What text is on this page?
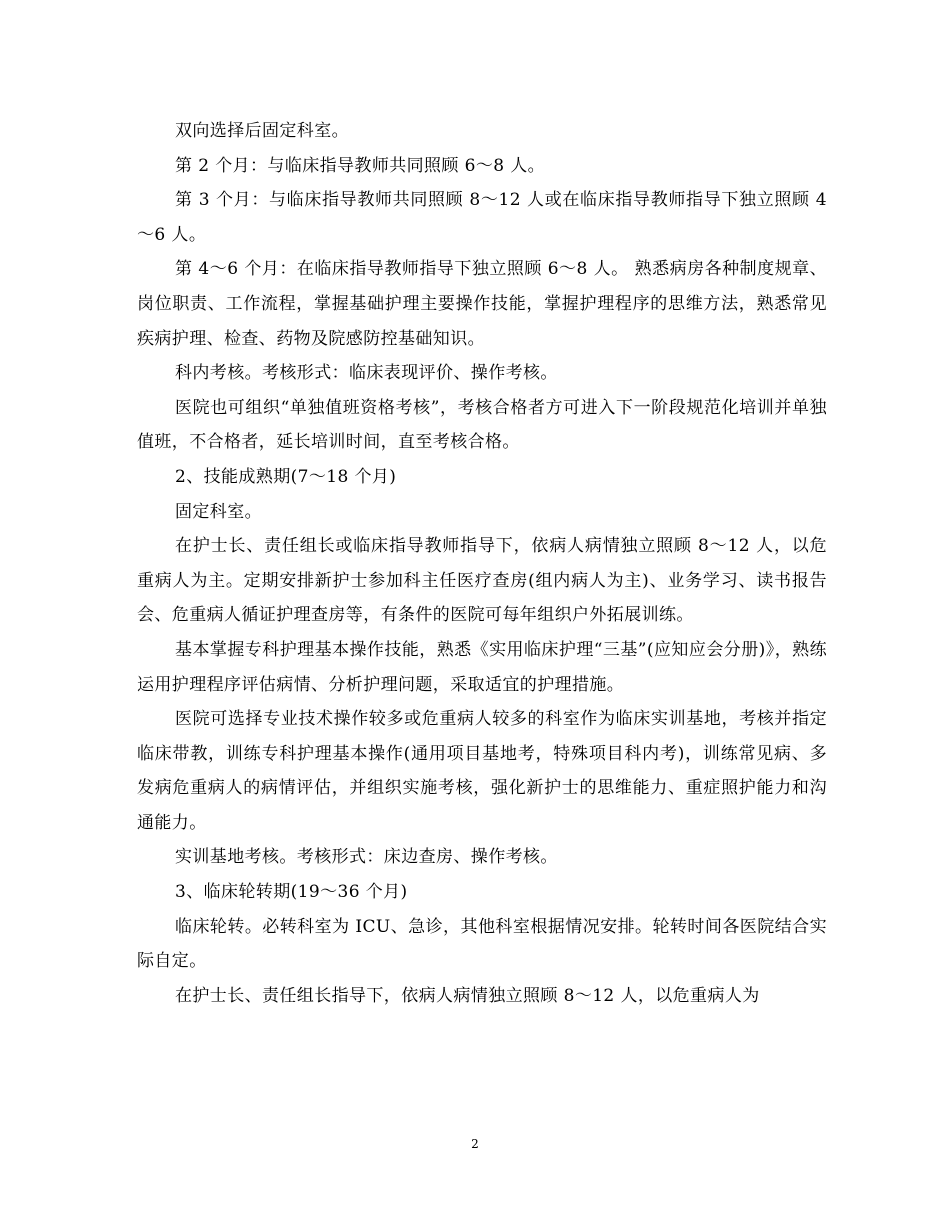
双向选择后固定科室。

第 2 个月：与临床指导教师共同照顾 6～8 人。

第 3 个月：与临床指导教师共同照顾 8～12 人或在临床指导教师指导下独立照顾 4～6 人。

第 4～6 个月：在临床指导教师指导下独立照顾 6～8 人。 熟悉病房各种制度规章、岗位职责、工作流程，掌握基础护理主要操作技能，掌握护理程序的思维方法，熟悉常见疾病护理、检查、药物及院感防控基础知识。

科内考核。考核形式：临床表现评价、操作考核。

医院也可组织“单独值班资格考核”，考核合格者方可进入下一阶段规范化培训并单独值班，不合格者，延长培训时间，直至考核合格。

2、技能成熟期(7～18 个月)

固定科室。

在护士长、责任组长或临床指导教师指导下，依病人病情独立照顾 8～12 人，以危重病人为主。定期安排新护士参加科主任医疗查房(组内病人为主)、业务学习、读书报告会、危重病人循证护理查房等，有条件的医院可每年组织户外拓展训练。

基本掌握专科护理基本操作技能，熟悉《实用临床护理“三基”(应知应会分册)》，熟练运用护理程序评估病情、分析护理问题，采取适宜的护理措施。

医院可选择专业技术操作较多或危重病人较多的科室作为临床实训基地，考核并指定临床带教，训练专科护理基本操作(通用项目基地考，特殊项目科内考)，训练常见病、多发病危重病人的病情评估，并组织实施考核，强化新护士的思维能力、重症照护能力和沟通能力。

实训基地考核。考核形式：床边查房、操作考核。

3、临床轮转期(19～36 个月)

临床轮转。必转科室为 ICU、急诊，其他科室根据情况安排。轮转时间各医院结合实际自定。

在护士长、责任组长指导下，依病人病情独立照顾 8～12 人，以危重病人为

2
